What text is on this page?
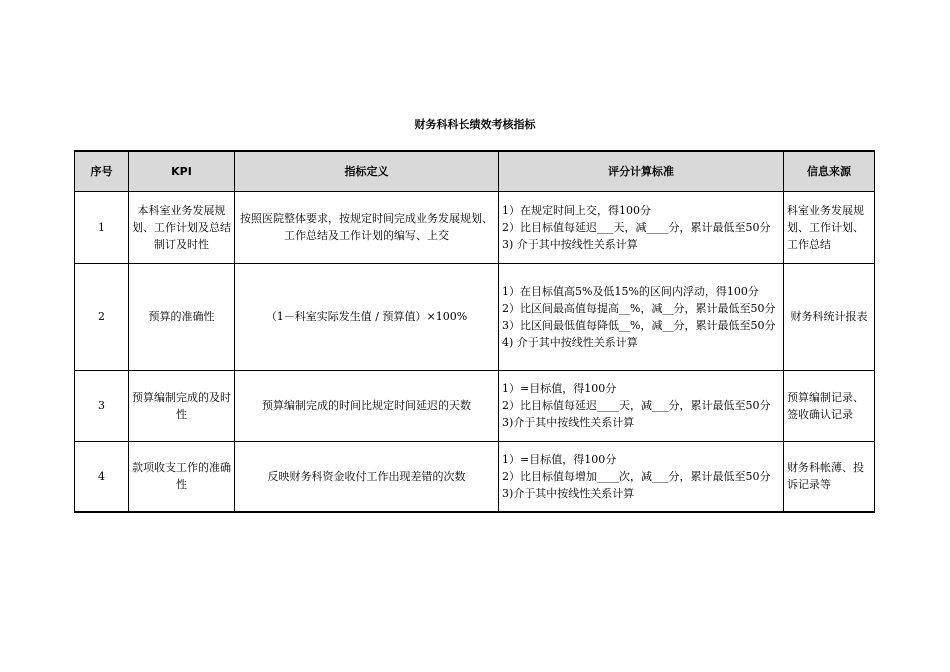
财务科科长绩效考核指标
序号	KPI	指标定义	评分计算标准	信息来源
1	本科室业务发展规划、工作计划及总结制订及时性	按照医院整体要求，按规定时间完成业务发展规划、工作总结及工作计划的编写、上交	1）在规定时间上交，得100分
2）比目标值每延迟___天，减____分，累计最低至50分
3) 介于其中按线性关系计算	科室业务发展规划、工作计划、工作总结
2	预算的准确性	（1－科室实际发生值 / 预算值）×100%	1）在目标值高5%及低15%的区间内浮动，得100分
2）比区间最高值每提高__%，减__分，累计最低至50分
3）比区间最低值每降低__%，减__分，累计最低至50分
4) 介于其中按线性关系计算	财务科统计报表
3	预算编制完成的及时性	预算编制完成的时间比规定时间延迟的天数	1）=目标值，得100分
2）比目标值每延迟____天，减___分，累计最低至50分
3)介于其中按线性关系计算	预算编制记录、签收确认记录
4	款项收支工作的准确性	反映财务科资金收付工作出现差错的次数	1）=目标值，得100分
2）比目标值每增加____次，减___分，累计最低至50分
3)介于其中按线性关系计算	财务科帐薄、投诉记录等
